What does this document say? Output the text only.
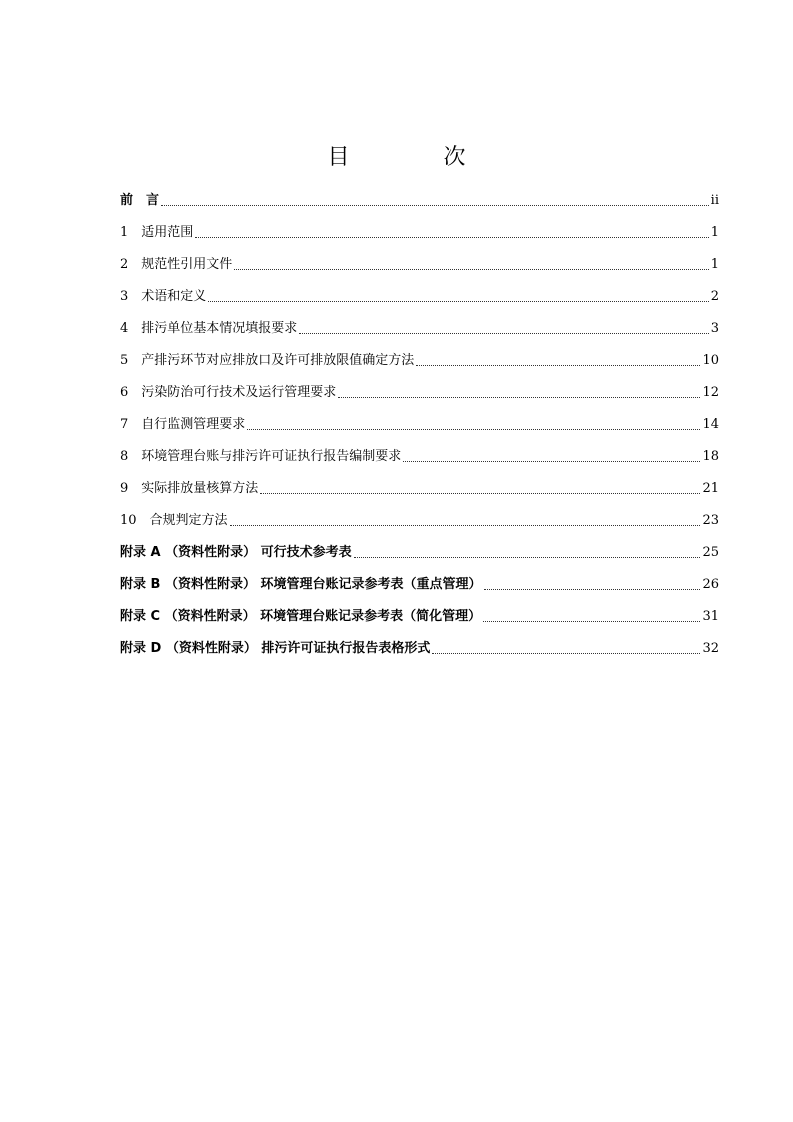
目　次
前　言	ii
1　适用范围	1
2　规范性引用文件	1
3　术语和定义	2
4　排污单位基本情况填报要求	3
5　产排污环节对应排放口及许可排放限值确定方法	10
6　污染防治可行技术及运行管理要求	12
7　自行监测管理要求	14
8　环境管理台账与排污许可证执行报告编制要求	18
9　实际排放量核算方法	21
10　合规判定方法	23
附录 A （资料性附录） 可行技术参考表	25
附录 B （资料性附录） 环境管理台账记录参考表（重点管理）	26
附录 C （资料性附录） 环境管理台账记录参考表（简化管理）	31
附录 D （资料性附录） 排污许可证执行报告表格形式	32
